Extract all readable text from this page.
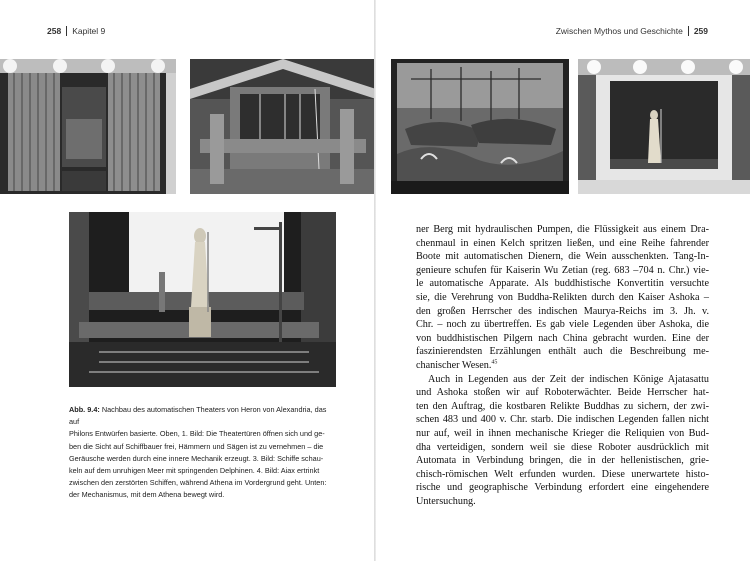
258 Kapitel 9
Abb. 9.4: Nachbau des automatischen Theaters von Heron von Alexandria, das auf
Philons Entwürfen basierte. Oben, 1. Bild: Die Theatertüren öffnen sich und ge-
ben die Sicht auf Schiffbauer frei, Hämmern und Sägen ist zu vernehmen – die
Geräusche werden durch eine innere Mechanik erzeugt. 3. Bild: Schiffe schau-
keln auf dem unruhigen Meer mit springenden Delphinen. 4. Bild: Aiax ertrinkt
zwischen den zerstörten Schiffen, während Athena im Vordergrund geht. Unten:
der Mechanismus, mit dem Athena bewegt wird.
Zwischen Mythos und Geschichte 259
ner Berg mit hydraulischen Pumpen, die Flüssigkeit aus einem Dra-
chenmaul in einen Kelch spritzen ließen, und eine Reihe fahrender
Boote mit automatischen Dienern, die Wein ausschenkten. Tang-In-
genieure schufen für Kaiserin Wu Zetian (reg. 683 –704 n. Chr.) vie-
le automatische Apparate. Als buddhistische Konvertitin versuchte
sie, die Verehrung von Buddha-Relikten durch den Kaiser Ashoka –
den großen Herrscher des indischen Maurya-Reichs im 3. Jh. v.
Chr. – noch zu übertreffen. Es gab viele Legenden über Ashoka, die
von buddhistischen Pilgern nach China gebracht wurden. Eine der
faszinierendsten Erzählungen enthält auch die Beschreibung me-
chanischer Wesen.$^{45}$
Auch in Legenden aus der Zeit der indischen Könige Ajatasattu
und Ashoka stoßen wir auf Roboterwächter. Beide Herrscher hat-
ten den Auftrag, die kostbaren Relikte Buddhas zu sichern, der zwi-
schen 483 und 400 v. Chr. starb. Die indischen Legenden fallen nicht
nur auf, weil in ihnen mechanische Krieger die Reliquien von Bud-
dha verteidigen, sondern weil sie diese Roboter ausdrücklich mit
Automata in Verbindung bringen, die in der hellenistischen, grie-
chisch-römischen Welt erfunden wurden. Diese unerwartete histo-
rische und geographische Verbindung erfordert eine eingehendere
Untersuchung.
